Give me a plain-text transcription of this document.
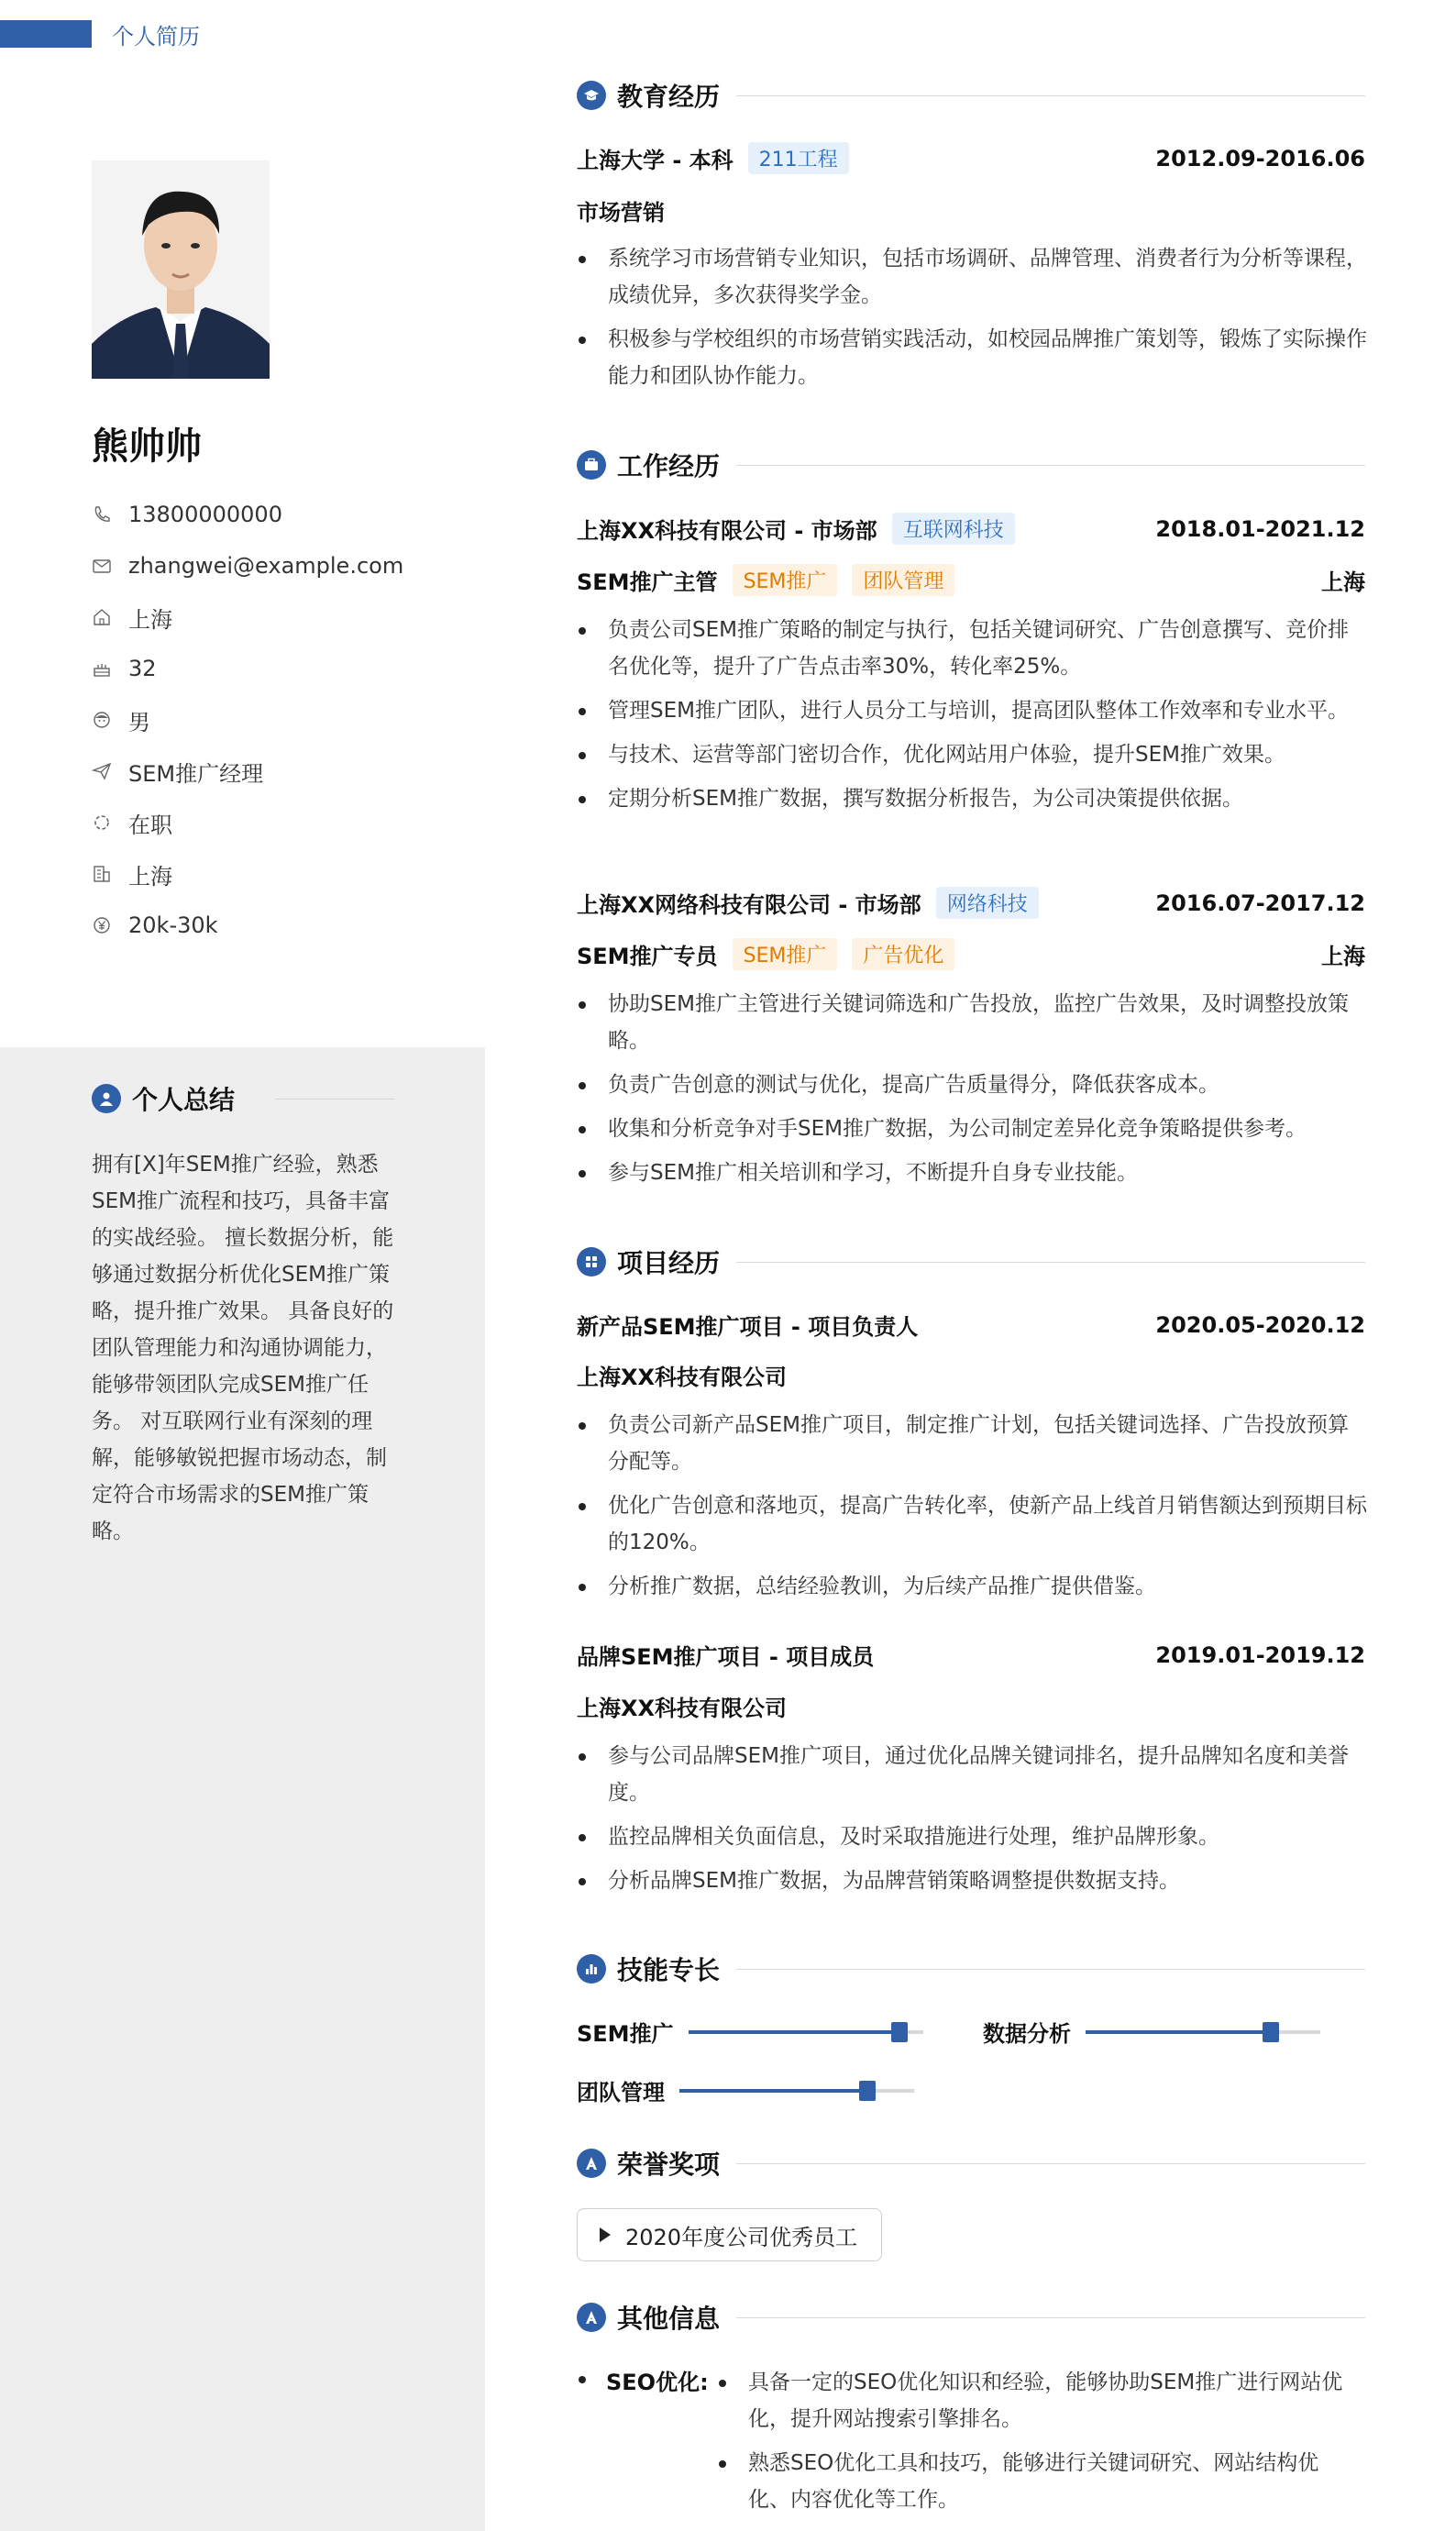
个人简历
熊帅帅
13800000000
zhangwei@example.com
上海
32
男
SEM推广经理
在职
上海
20k-30k
个人总结
拥有[X]年SEM推广经验，熟悉SEM推广流程和技巧，具备丰富的实战经验。 擅长数据分析，能够通过数据分析优化SEM推广策略，提升推广效果。 具备良好的团队管理能力和沟通协调能力，能够带领团队完成SEM推广任务。 对互联网行业有深刻的理解，能够敏锐把握市场动态，制定符合市场需求的SEM推广策略。
教育经历
上海大学 - 本科	211工程	2012.09-2016.06
市场营销
系统学习市场营销专业知识，包括市场调研、品牌管理、消费者行为分析等课程，成绩优异，多次获得奖学金。
积极参与学校组织的市场营销实践活动，如校园品牌推广策划等，锻炼了实际操作能力和团队协作能力。
工作经历
上海XX科技有限公司 - 市场部	互联网科技	2018.01-2021.12
SEM推广主管	SEM推广	团队管理	上海
负责公司SEM推广策略的制定与执行，包括关键词研究、广告创意撰写、竞价排名优化等，提升了广告点击率30%，转化率25%。
管理SEM推广团队，进行人员分工与培训，提高团队整体工作效率和专业水平。
与技术、运营等部门密切合作，优化网站用户体验，提升SEM推广效果。
定期分析SEM推广数据，撰写数据分析报告，为公司决策提供依据。
上海XX网络科技有限公司 - 市场部	网络科技	2016.07-2017.12
SEM推广专员	SEM推广	广告优化	上海
协助SEM推广主管进行关键词筛选和广告投放，监控广告效果，及时调整投放策略。
负责广告创意的测试与优化，提高广告质量得分，降低获客成本。
收集和分析竞争对手SEM推广数据，为公司制定差异化竞争策略提供参考。
参与SEM推广相关培训和学习，不断提升自身专业技能。
项目经历
新产品SEM推广项目 - 项目负责人	2020.05-2020.12
上海XX科技有限公司
负责公司新产品SEM推广项目，制定推广计划，包括关键词选择、广告投放预算分配等。
优化广告创意和落地页，提高广告转化率，使新产品上线首月销售额达到预期目标的120%。
分析推广数据，总结经验教训，为后续产品推广提供借鉴。
品牌SEM推广项目 - 项目成员	2019.01-2019.12
上海XX科技有限公司
参与公司品牌SEM推广项目，通过优化品牌关键词排名，提升品牌知名度和美誉度。
监控品牌相关负面信息，及时采取措施进行处理，维护品牌形象。
分析品牌SEM推广数据，为品牌营销策略调整提供数据支持。
技能专长
SEM推广	数据分析
团队管理
荣誉奖项
2020年度公司优秀员工
其他信息
SEO优化:	具备一定的SEO优化知识和经验，能够协助SEM推广进行网站优化，提升网站搜索引擎排名。
熟悉SEO优化工具和技巧，能够进行关键词研究、网站结构优化、内容优化等工作。
